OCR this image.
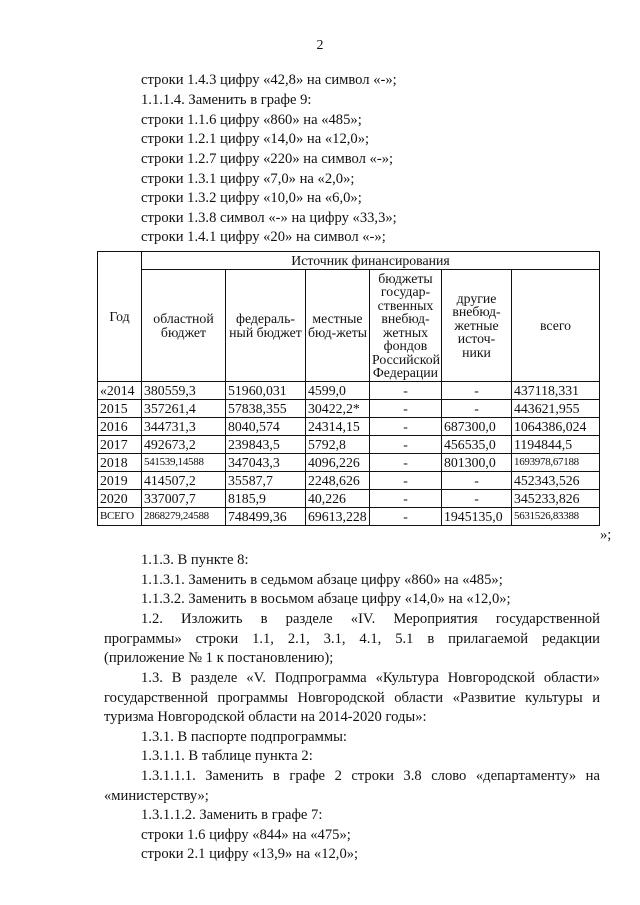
2
строки 1.4.3 цифру «42,8» на символ «-»;
1.1.1.4. Заменить в графе 9:
строки 1.1.6 цифру «860» на «485»;
строки 1.2.1 цифру «14,0» на «12,0»;
строки 1.2.7 цифру «220» на символ «-»;
строки 1.3.1 цифру «7,0» на «2,0»;
строки 1.3.2 цифру «10,0» на «6,0»;
строки 1.3.8 символ «-» на цифру «33,3»;
строки 1.4.1 цифру «20» на символ «-»;
Год	Источник финансирования					
	областной бюджет	федераль-ный бюджет	местные бюд-жеты	бюджеты государ-ственных внебюд-жетных фондов Российской Федерации	другие внебюд-жетные источ-ники	всего
«2014	380559,3	51960,031	4599,0	-	-	437118,331
2015	357261,4	57838,355	30422,2*	-	-	443621,955
2016	344731,3	8040,574	24314,15	-	687300,0	1064386,024
2017	492673,2	239843,5	5792,8	-	456535,0	1194844,5
2018	541539,14588	347043,3	4096,226	-	801300,0	1693978,67188
2019	414507,2	35587,7	2248,626	-	-	452343,526
2020	337007,7	8185,9	40,226	-	-	345233,826
ВСЕГО	2868279,24588	748499,36	69613,228	-	1945135,0	5631526,83388
»;
1.1.3. В пункте 8:
1.1.3.1. Заменить в седьмом абзаце цифру «860» на «485»;
1.1.3.2. Заменить в восьмом абзаце цифру «14,0» на «12,0»;
1.2. Изложить в разделе «IV. Мероприятия государственной
программы» строки 1.1, 2.1, 3.1, 4.1, 5.1 в прилагаемой редакции
(приложение № 1 к постановлению);
1.3. В разделе «V. Подпрограмма «Культура Новгородской области»
государственной программы Новгородской области «Развитие культуры и
туризма Новгородской области на 2014-2020 годы»:
1.3.1. В паспорте подпрограммы:
1.3.1.1. В таблице пункта 2:
1.3.1.1.1. Заменить в графе 2 строки 3.8 слово «департаменту» на
«министерству»;
1.3.1.1.2. Заменить в графе 7:
строки 1.6 цифру «844» на «475»;
строки 2.1 цифру «13,9» на «12,0»;
